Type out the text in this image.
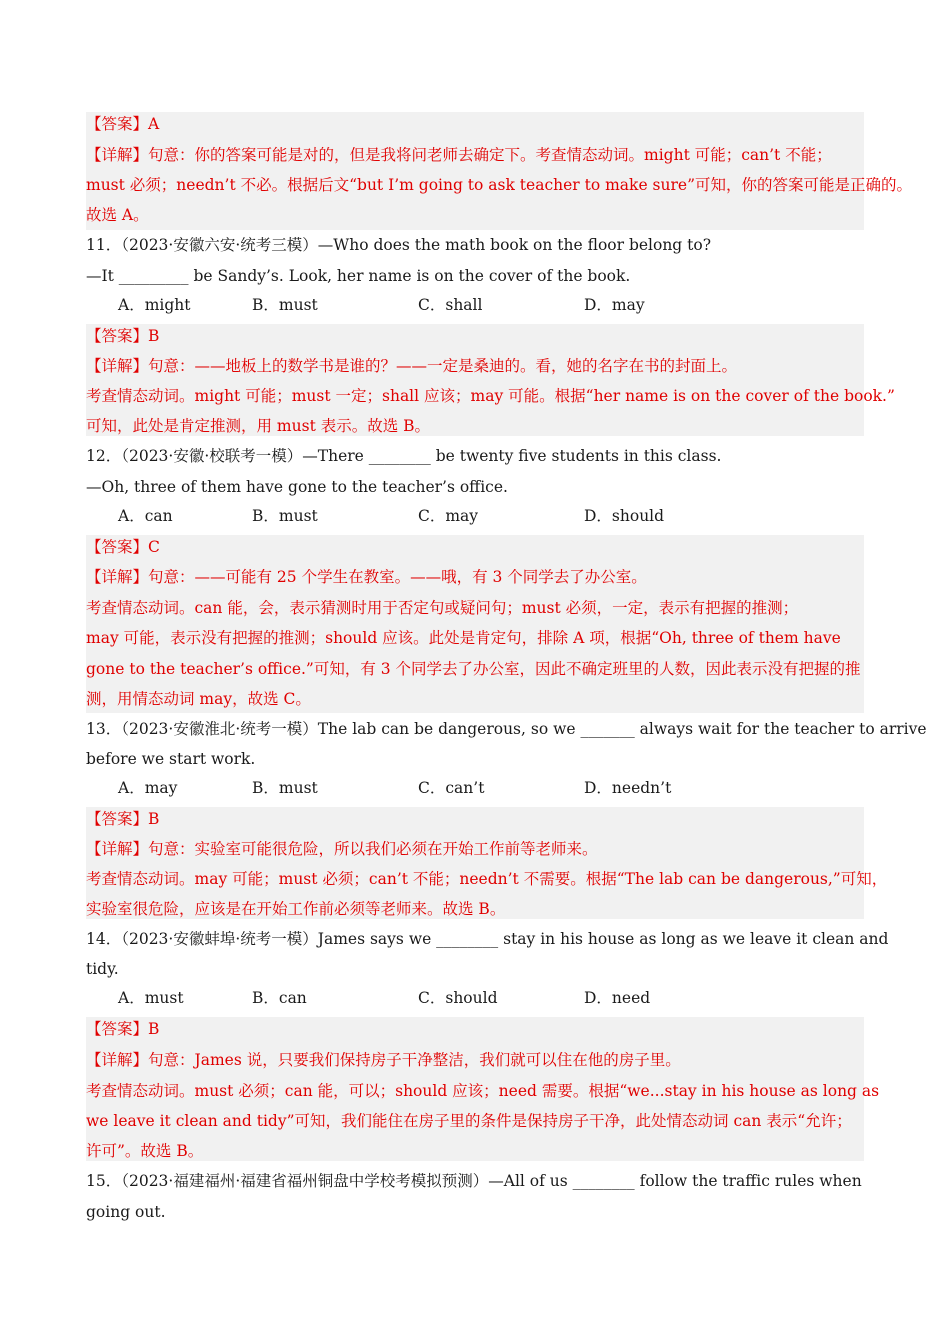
【答案】A
【详解】句意：你的答案可能是对的，但是我将问老师去确定下。考查情态动词。might 可能；can’t 不能；
must 必须；needn’t 不必。根据后文“but I’m going to ask teacher to make sure”可知，你的答案可能是正确的。
故选 A。
11．（2023·安徽六安·统考三模）—Who does the math book on the floor belong to?
—It _________ be Sandy’s. Look, her name is on the cover of the book.
A．might	B．must	C．shall	D．may
【答案】B
【详解】句意：——地板上的数学书是谁的？——一定是桑迪的。看，她的名字在书的封面上。
考查情态动词。might 可能；must 一定；shall 应该；may 可能。根据“her name is on the cover of the book.”
可知，此处是肯定推测，用 must 表示。故选 B。
12．（2023·安徽·校联考一模）—There ________ be twenty five students in this class.
—Oh, three of them have gone to the teacher’s office.
A．can	B．must	C．may	D．should
【答案】C
【详解】句意：——可能有 25 个学生在教室。——哦，有 3 个同学去了办公室。
考查情态动词。can 能，会，表示猜测时用于否定句或疑问句；must 必须，一定，表示有把握的推测；
may 可能，表示没有把握的推测；should 应该。此处是肯定句，排除 A 项，根据“Oh, three of them have
gone to the teacher’s office.”可知，有 3 个同学去了办公室，因此不确定班里的人数，因此表示没有把握的推
测，用情态动词 may，故选 C。
13．（2023·安徽淮北·统考一模）The lab can be dangerous, so we _______ always wait for the teacher to arrive
before we start work.
A．may	B．must	C．can’t	D．needn’t
【答案】B
【详解】句意：实验室可能很危险，所以我们必须在开始工作前等老师来。
考查情态动词。may 可能；must 必须；can’t 不能；needn’t 不需要。根据“The lab can be dangerous,”可知，
实验室很危险，应该是在开始工作前必须等老师来。故选 B。
14．（2023·安徽蚌埠·统考一模）James says we ________ stay in his house as long as we leave it clean and
tidy.
A．must	B．can	C．should	D．need
【答案】B
【详解】句意：James 说，只要我们保持房子干净整洁，我们就可以住在他的房子里。
考查情态动词。must 必须；can 能，可以；should 应该；need 需要。根据“we...stay in his house as long as
we leave it clean and tidy”可知，我们能住在房子里的条件是保持房子干净，此处情态动词 can 表示“允许；
许可”。故选 B。
15．（2023·福建福州·福建省福州铜盘中学校考模拟预测）—All of us ________ follow the traffic rules when
going out.
